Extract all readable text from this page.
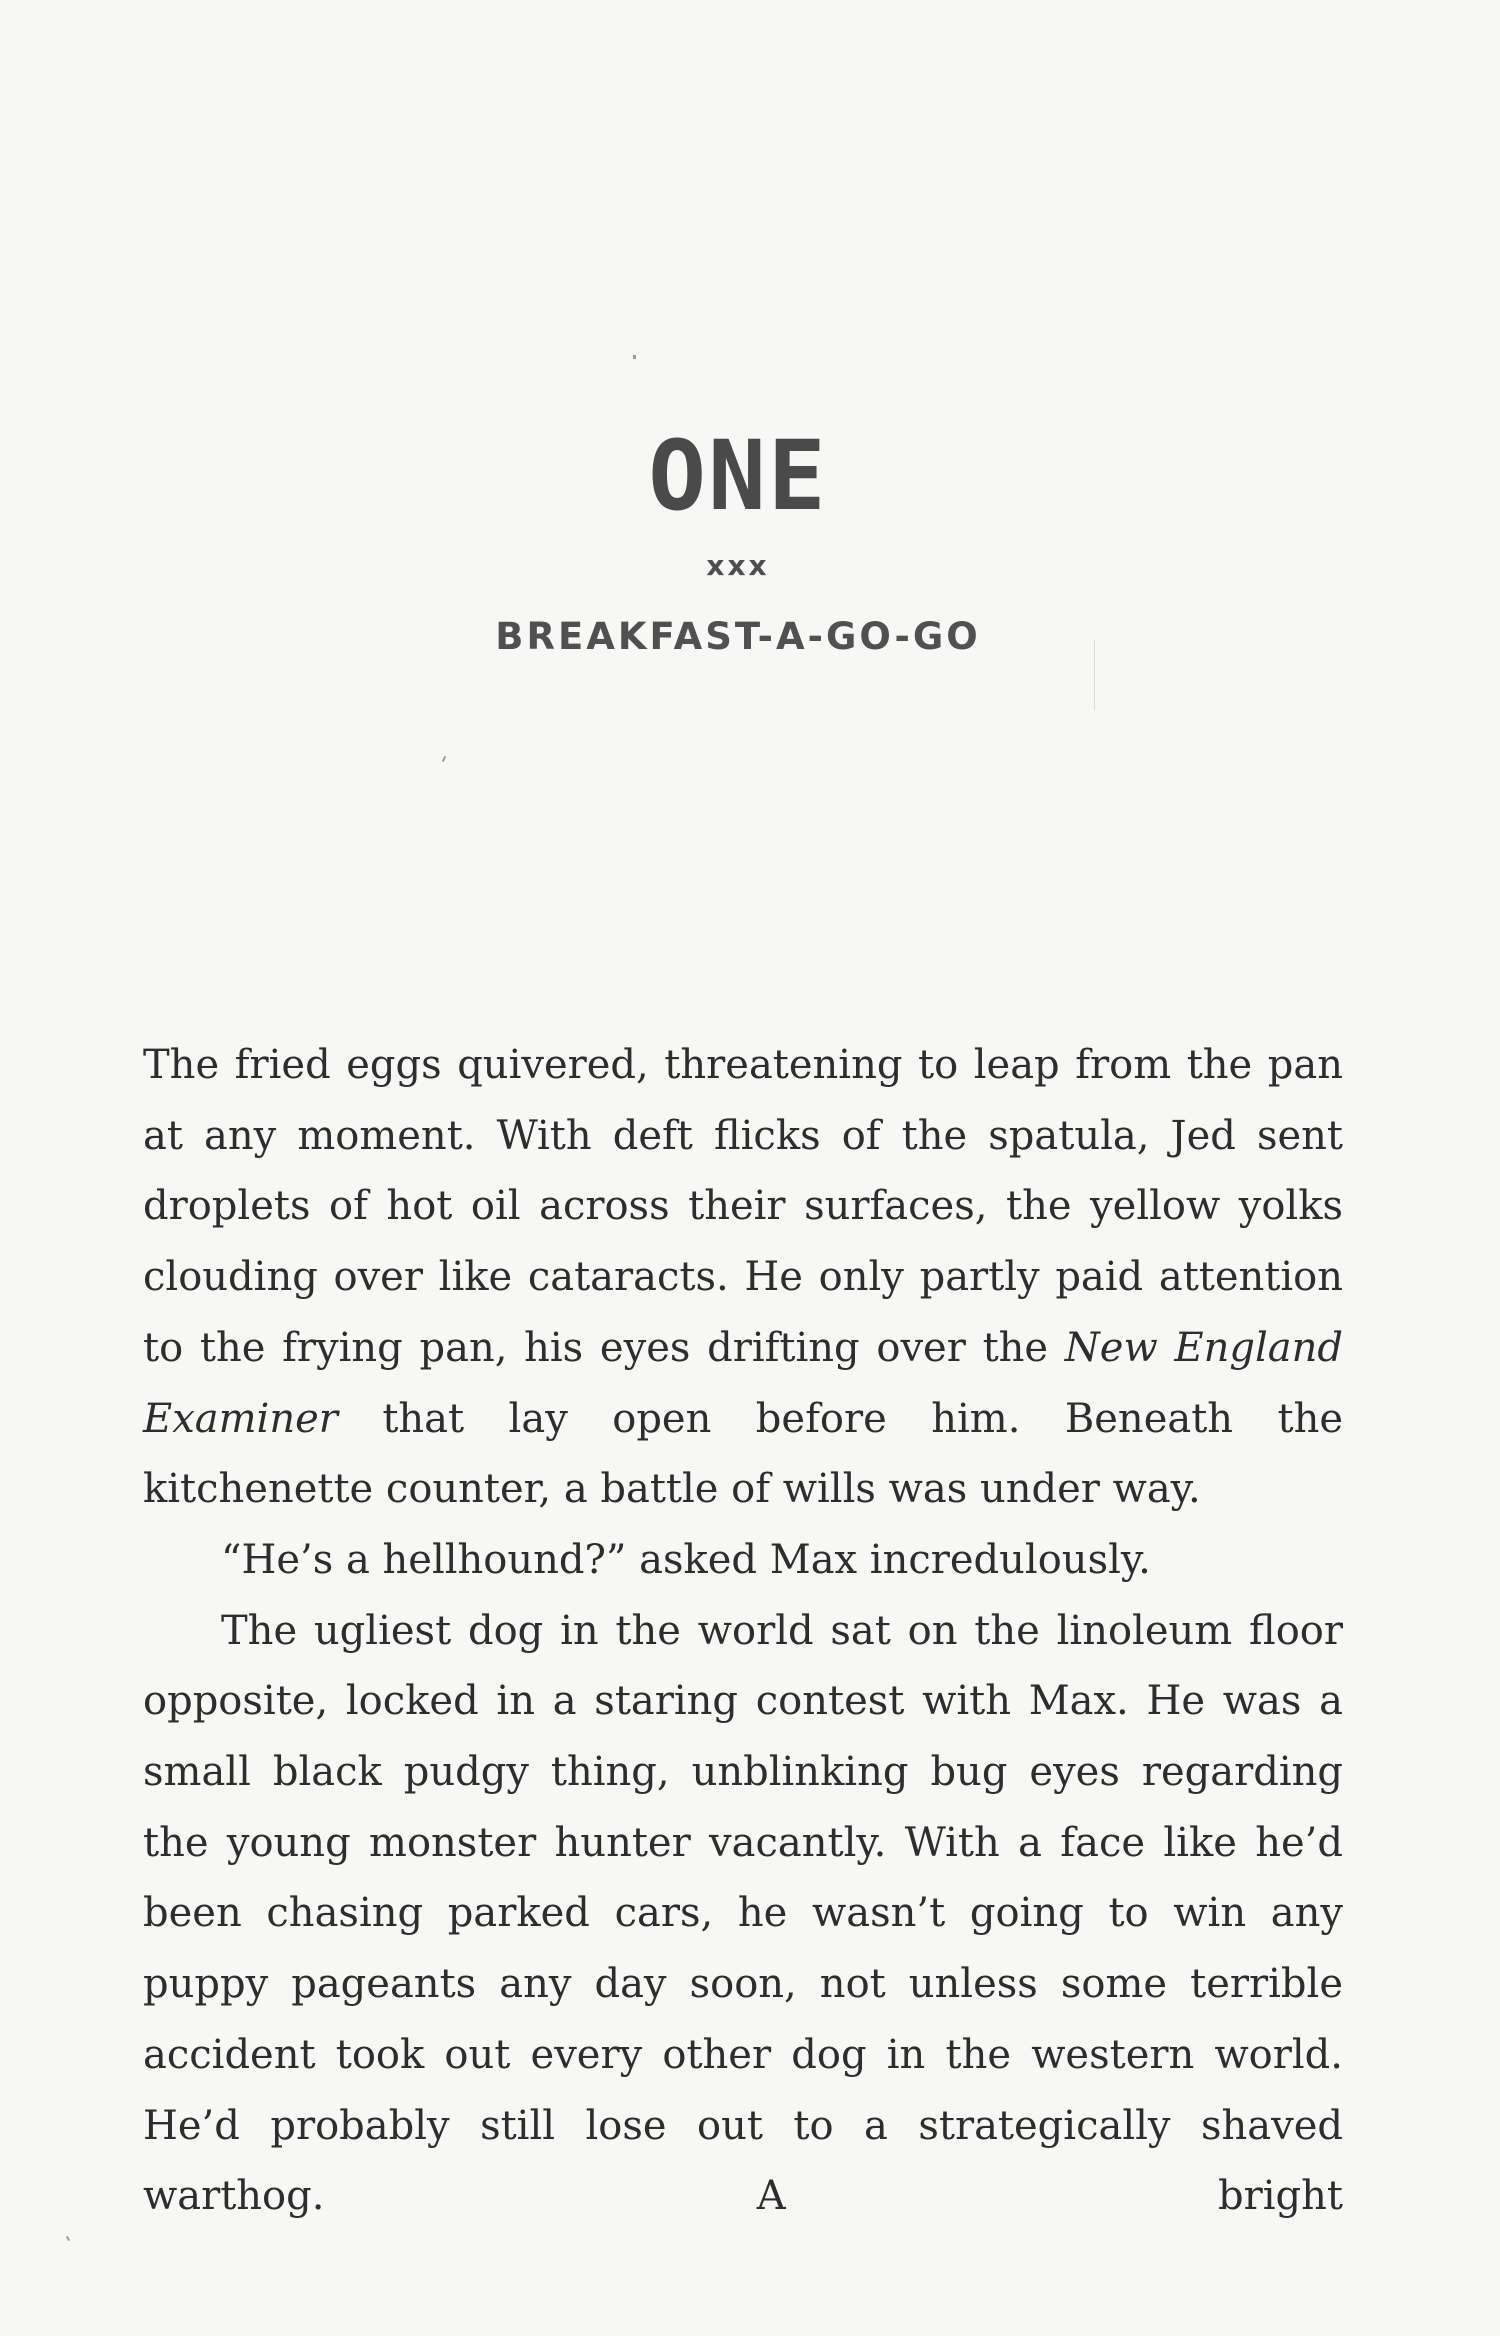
ONE
xxx
BREAKFAST-A-GO-GO

The fried eggs quivered, threatening to leap from the pan at any moment. With deft flicks of the spatula, Jed sent droplets of hot oil across their surfaces, the yellow yolks clouding over like cataracts. He only partly paid attention to the frying pan, his eyes drifting over the New England Examiner that lay open before him. Beneath the kitchenette counter, a battle of wills was under way.

“He’s a hellhound?” asked Max incredulously.

The ugliest dog in the world sat on the linoleum floor opposite, locked in a staring contest with Max. He was a small black pudgy thing, unblinking bug eyes regarding the young monster hunter vacantly. With a face like he’d been chasing parked cars, he wasn’t going to win any puppy pageants any day soon, not unless some terrible accident took out every other dog in the western world. He’d probably still lose out to a strategically shaved warthog. A bright
